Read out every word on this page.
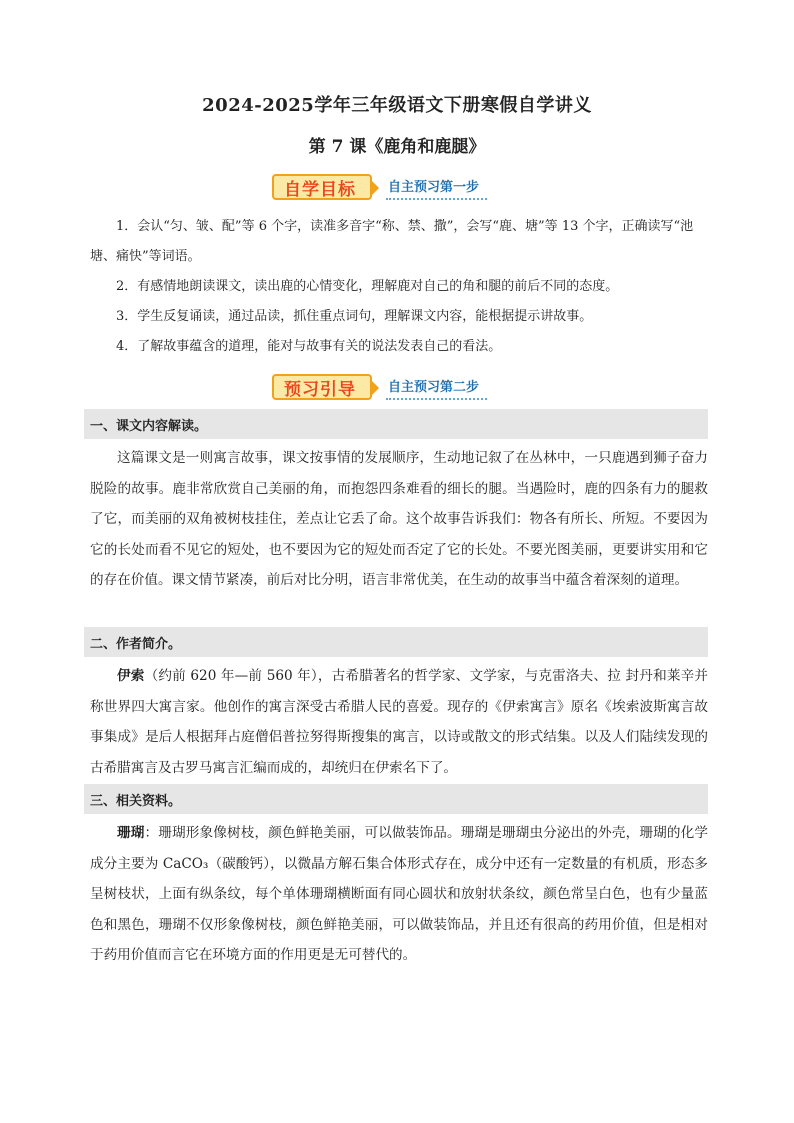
2024-2025学年三年级语文下册寒假自学讲义
第 7 课《鹿角和鹿腿》
自学目标	自主预习第一步

1．会认“匀、皱、配”等 6 个字，读准多音字“称、禁、撒”，会写“鹿、塘”等 13 个字，正确读写“池塘、痛快”等词语。

2．有感情地朗读课文，读出鹿的心情变化，理解鹿对自己的角和腿的前后不同的态度。

3．学生反复诵读，通过品读，抓住重点词句，理解课文内容，能根据提示讲故事。

4．了解故事蕴含的道理，能对与故事有关的说法发表自己的看法。

预习引导	自主预习第二步
一、课文内容解读。

这篇课文是一则寓言故事，课文按事情的发展顺序，生动地记叙了在丛林中，一只鹿遇到狮子奋力脱险的故事。鹿非常欣赏自己美丽的角，而抱怨四条难看的细长的腿。当遇险时，鹿的四条有力的腿救了它，而美丽的双角被树枝挂住，差点让它丢了命。这个故事告诉我们：物各有所长、所短。不要因为它的长处而看不见它的短处，也不要因为它的短处而否定了它的长处。不要光图美丽，更要讲实用和它的存在价值。课文情节紧凑，前后对比分明，语言非常优美，在生动的故事当中蕴含着深刻的道理。

二、作者简介。

伊索（约前 620 年—前 560 年），古希腊著名的哲学家、文学家，与克雷洛夫、拉 封丹和莱辛并称世界四大寓言家。他创作的寓言深受古希腊人民的喜爱。现存的《伊索寓言》原名《埃索波斯寓言故事集成》是后人根据拜占庭僧侣普拉努得斯搜集的寓言，以诗或散文的形式结集。以及人们陆续发现的古希腊寓言及古罗马寓言汇编而成的，却统归在伊索名下了。

三、相关资料。

珊瑚：珊瑚形象像树枝，颜色鲜艳美丽，可以做装饰品。珊瑚是珊瑚虫分泌出的外壳，珊瑚的化学成分主要为 CaCO₃（碳酸钙），以微晶方解石集合体形式存在，成分中还有一定数量的有机质，形态多呈树枝状，上面有纵条纹，每个单体珊瑚横断面有同心圆状和放射状条纹，颜色常呈白色，也有少量蓝色和黑色，珊瑚不仅形象像树枝，颜色鲜艳美丽，可以做装饰品，并且还有很高的药用价值，但是相对于药用价值而言它在环境方面的作用更是无可替代的。
